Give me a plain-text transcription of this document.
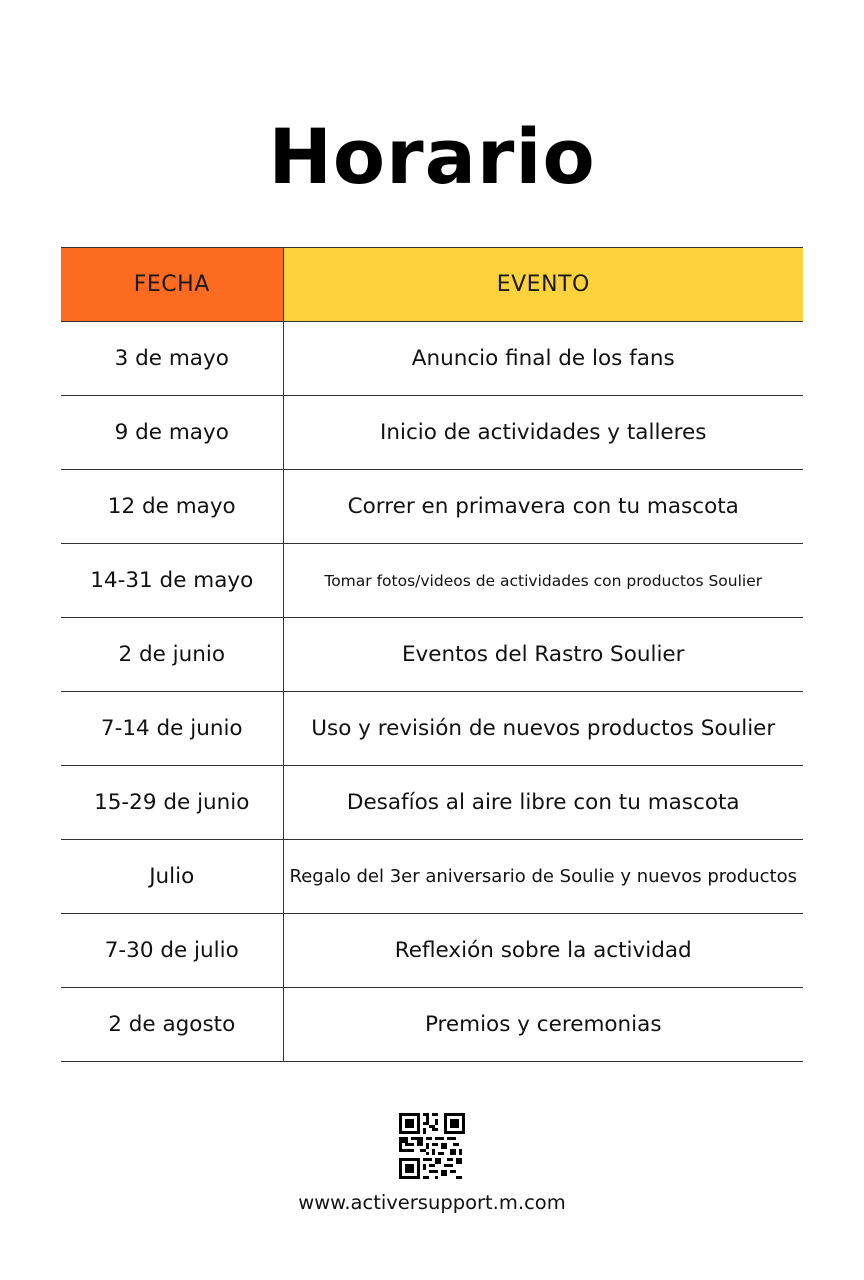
Horario
FECHA	EVENTO
3 de mayo	Anuncio final de los fans
9 de mayo	Inicio de actividades y talleres
12 de mayo	Correr en primavera con tu mascota
14-31 de mayo	Tomar fotos/videos de actividades con productos Soulier
2 de junio	Eventos del Rastro Soulier
7-14 de junio	Uso y revisión de nuevos productos Soulier
15-29 de junio	Desafíos al aire libre con tu mascota
Julio	Regalo del 3er aniversario de Soulie y nuevos productos
7-30 de julio	Reflexión sobre la actividad
2 de agosto	Premios y ceremonias
www.activersupport.m.com
